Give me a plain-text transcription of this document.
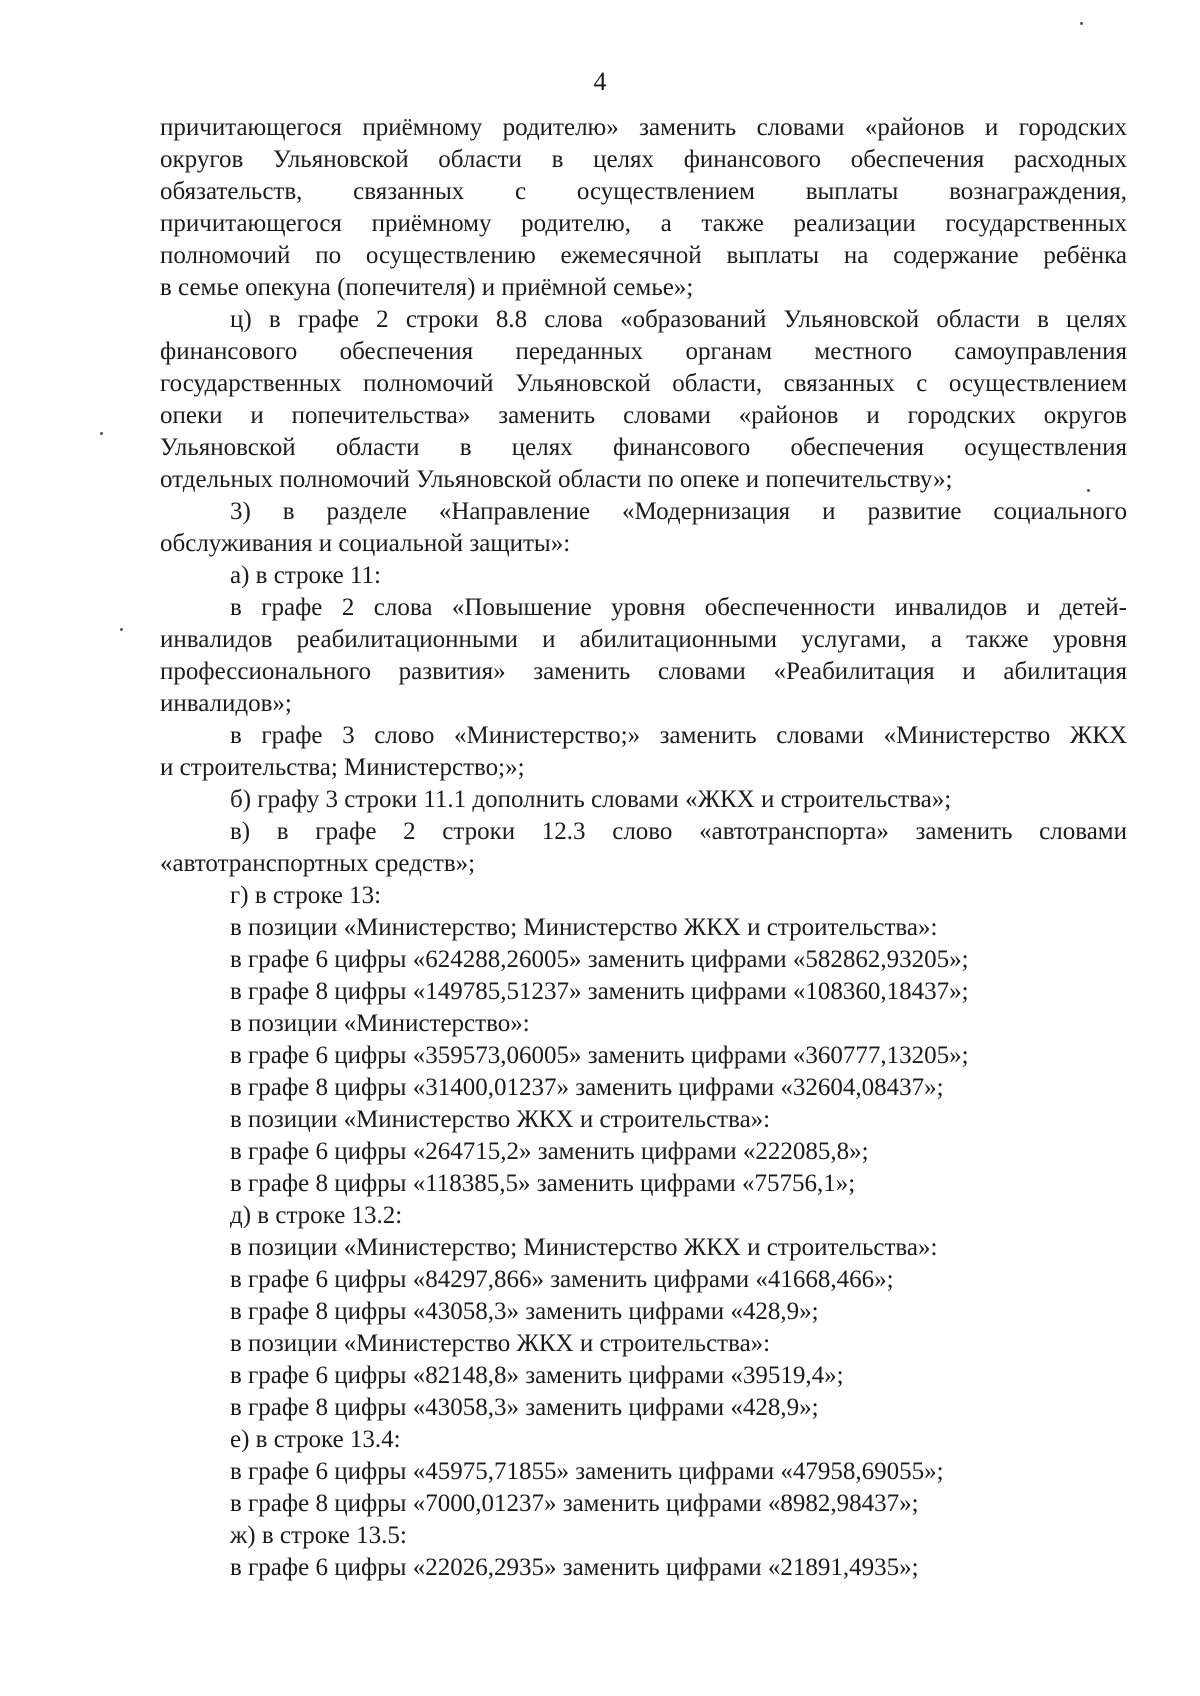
4
причитающегося приёмному родителю» заменить словами «районов и городских
округов Ульяновской области в целях финансового обеспечения расходных
обязательств, связанных с осуществлением выплаты вознаграждения,
причитающегося приёмному родителю, а также реализации государственных
полномочий по осуществлению ежемесячной выплаты на содержание ребёнка
в семье опекуна (попечителя) и приёмной семье»;
ц) в графе 2 строки 8.8 слова «образований Ульяновской области в целях
финансового обеспечения переданных органам местного самоуправления
государственных полномочий Ульяновской области, связанных с осуществлением
опеки и попечительства» заменить словами «районов и городских округов
Ульяновской области в целях финансового обеспечения осуществления
отдельных полномочий Ульяновской области по опеке и попечительству»;
3) в разделе «Направление «Модернизация и развитие социального
обслуживания и социальной защиты»:
а) в строке 11:
в графе 2 слова «Повышение уровня обеспеченности инвалидов и детей-
инвалидов реабилитационными и абилитационными услугами, а также уровня
профессионального развития» заменить словами «Реабилитация и абилитация
инвалидов»;
в графе 3 слово «Министерство;» заменить словами «Министерство ЖКХ
и строительства; Министерство;»;
б) графу 3 строки 11.1 дополнить словами «ЖКХ и строительства»;
в) в графе 2 строки 12.3 слово «автотранспорта» заменить словами
«автотранспортных средств»;
г) в строке 13:
в позиции «Министерство; Министерство ЖКХ и строительства»:
в графе 6 цифры «624288,26005» заменить цифрами «582862,93205»;
в графе 8 цифры «149785,51237» заменить цифрами «108360,18437»;
в позиции «Министерство»:
в графе 6 цифры «359573,06005» заменить цифрами «360777,13205»;
в графе 8 цифры «31400,01237» заменить цифрами «32604,08437»;
в позиции «Министерство ЖКХ и строительства»:
в графе 6 цифры «264715,2» заменить цифрами «222085,8»;
в графе 8 цифры «118385,5» заменить цифрами «75756,1»;
д) в строке 13.2:
в позиции «Министерство; Министерство ЖКХ и строительства»:
в графе 6 цифры «84297,866» заменить цифрами «41668,466»;
в графе 8 цифры «43058,3» заменить цифрами «428,9»;
в позиции «Министерство ЖКХ и строительства»:
в графе 6 цифры «82148,8» заменить цифрами «39519,4»;
в графе 8 цифры «43058,3» заменить цифрами «428,9»;
е) в строке 13.4:
в графе 6 цифры «45975,71855» заменить цифрами «47958,69055»;
в графе 8 цифры «7000,01237» заменить цифрами «8982,98437»;
ж) в строке 13.5:
в графе 6 цифры «22026,2935» заменить цифрами «21891,4935»;
